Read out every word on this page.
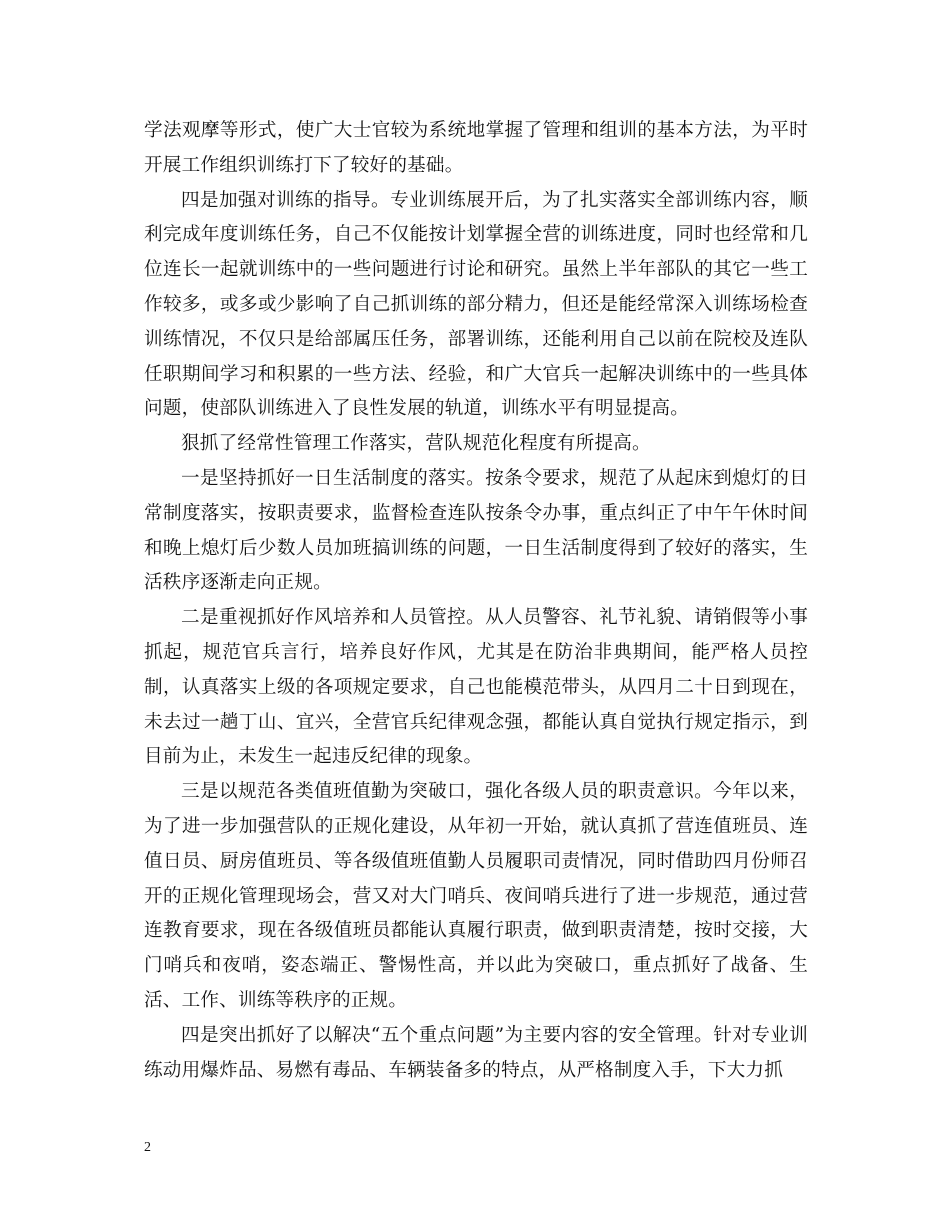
学法观摩等形式，使广大士官较为系统地掌握了管理和组训的基本方法，为平时开展工作组织训练打下了较好的基础。

四是加强对训练的指导。专业训练展开后，为了扎实落实全部训练内容，顺利完成年度训练任务，自己不仅能按计划掌握全营的训练进度，同时也经常和几位连长一起就训练中的一些问题进行讨论和研究。虽然上半年部队的其它一些工作较多，或多或少影响了自己抓训练的部分精力，但还是能经常深入训练场检查训练情况，不仅只是给部属压任务，部署训练，还能利用自己以前在院校及连队任职期间学习和积累的一些方法、经验，和广大官兵一起解决训练中的一些具体问题，使部队训练进入了良性发展的轨道，训练水平有明显提高。

狠抓了经常性管理工作落实，营队规范化程度有所提高。

一是坚持抓好一日生活制度的落实。按条令要求，规范了从起床到熄灯的日常制度落实，按职责要求，监督检查连队按条令办事，重点纠正了中午午休时间和晚上熄灯后少数人员加班搞训练的问题，一日生活制度得到了较好的落实，生活秩序逐渐走向正规。

二是重视抓好作风培养和人员管控。从人员警容、礼节礼貌、请销假等小事抓起，规范官兵言行，培养良好作风，尤其是在防治非典期间，能严格人员控制，认真落实上级的各项规定要求，自己也能模范带头，从四月二十日到现在，未去过一趟丁山、宜兴，全营官兵纪律观念强，都能认真自觉执行规定指示，到目前为止，未发生一起违反纪律的现象。

三是以规范各类值班值勤为突破口，强化各级人员的职责意识。今年以来，为了进一步加强营队的正规化建设，从年初一开始，就认真抓了营连值班员、连值日员、厨房值班员、等各级值班值勤人员履职司责情况，同时借助四月份师召开的正规化管理现场会，营又对大门哨兵、夜间哨兵进行了进一步规范，通过营连教育要求，现在各级值班员都能认真履行职责，做到职责清楚，按时交接，大门哨兵和夜哨，姿态端正、警惕性高，并以此为突破口，重点抓好了战备、生活、工作、训练等秩序的正规。

四是突出抓好了以解决“五个重点问题”为主要内容的安全管理。针对专业训练动用爆炸品、易燃有毒品、车辆装备多的特点，从严格制度入手，下大力抓

2
